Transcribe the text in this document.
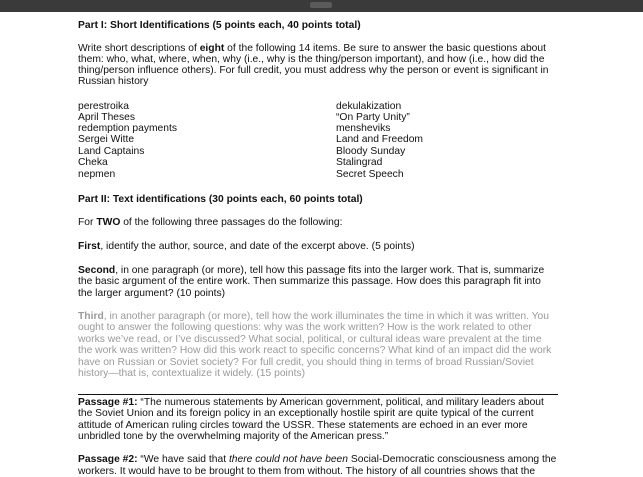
Part I: Short Identifications (5 points each, 40 points total)
Write short descriptions of eight of the following 14 items. Be sure to answer the basic questions about
them: who, what, where, when, why (i.e., why is the thing/person important), and how (i.e., how did the
thing/person influence others). For full credit, you must address why the person or event is significant in
Russian history
perestroika
April Theses
redemption payments
Sergei Witte
Land Captains
Cheka
nepmen
dekulakization
“On Party Unity”
mensheviks
Land and Freedom
Bloody Sunday
Stalingrad
Secret Speech
Part II: Text identifications (30 points each, 60 points total)
For TWO of the following three passages do the following:
First, identify the author, source, and date of the excerpt above. (5 points)
Second, in one paragraph (or more), tell how this passage fits into the larger work. That is, summarize
the basic argument of the entire work. Then summarize this passage. How does this paragraph fit into
the larger argument? (10 points)
Third, in another paragraph (or more), tell how the work illuminates the time in which it was written. You
ought to answer the following questions: why was the work written? How is the work related to other
works we’ve read, or I’ve discussed? What social, political, or cultural ideas ware prevalent at the time
the work was written? How did this work react to specific concerns? What kind of an impact did the work
have on Russian or Soviet society? For full credit, you should thing in terms of broad Russian/Soviet
history—that is, contextualize it widely. (15 points)
Passage #1: “The numerous statements by American government, political, and military leaders about
the Soviet Union and its foreign policy in an exceptionally hostile spirit are quite typical of the current
attitude of American ruling circles toward the USSR. These statements are echoed in an ever more
unbridled tone by the overwhelming majority of the American press.”
Passage #2: “We have said that there could not have been Social-Democratic consciousness among the
workers. It would have to be brought to them from without. The history of all countries shows that the
